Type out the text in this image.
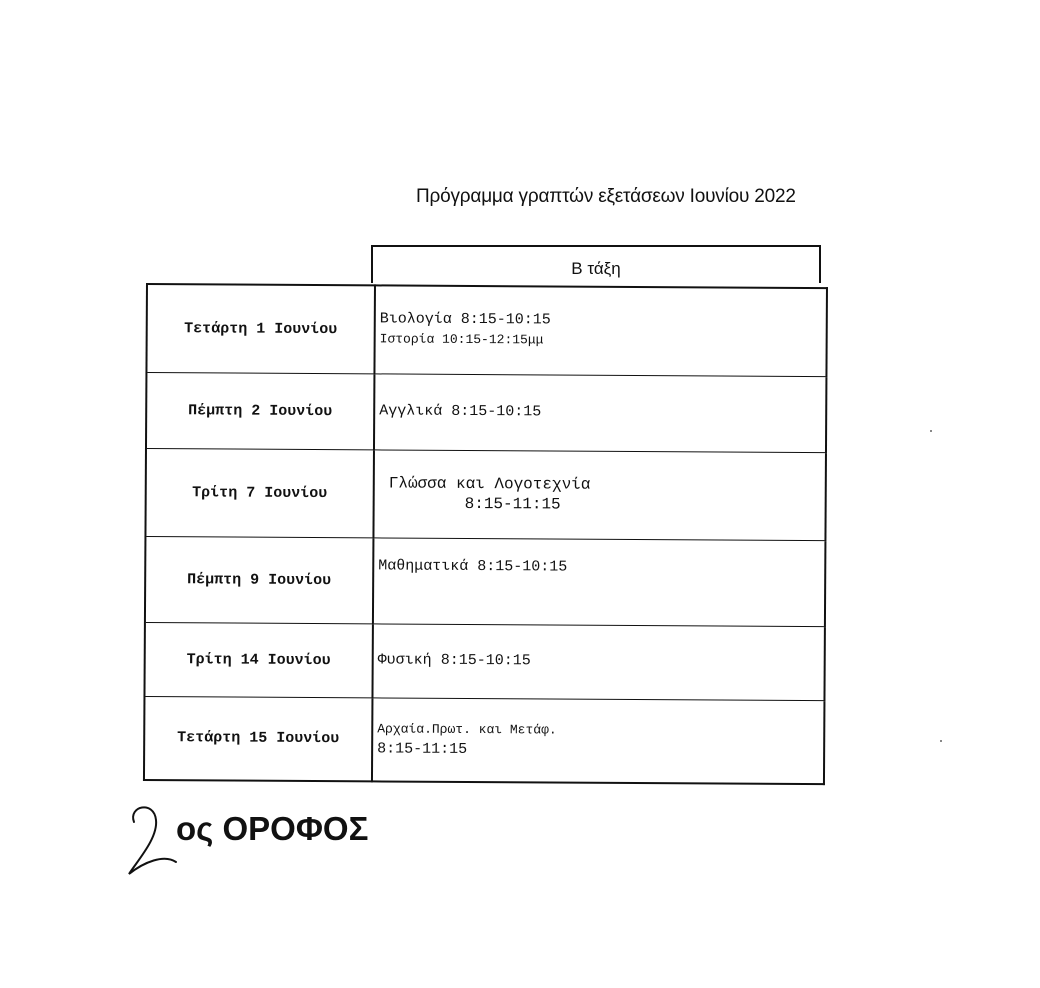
Πρόγραμμα γραπτών εξετάσεων Ιουνίου 2022
Β τάξη
Τετάρτη 1 Ιουνίου	Βιολογία 8:15-10:15
Ιστορία 10:15-12:15μμ
Πέμπτη 2 Ιουνίου	Αγγλικά 8:15-10:15
Τρίτη 7 Ιουνίου	Γλώσσα και Λογοτεχνία
8:15-11:15

Πέμπτη 9 Ιουνίου	Μαθηματικά 8:15-10:15
Τρίτη 14 Ιουνίου	Φυσική 8:15-10:15
Τετάρτη 15 Ιουνίου	Αρχαία.Πρωτ. και Μετάφ.
8:15-11:15
ος ΟΡΟΦΟΣ
